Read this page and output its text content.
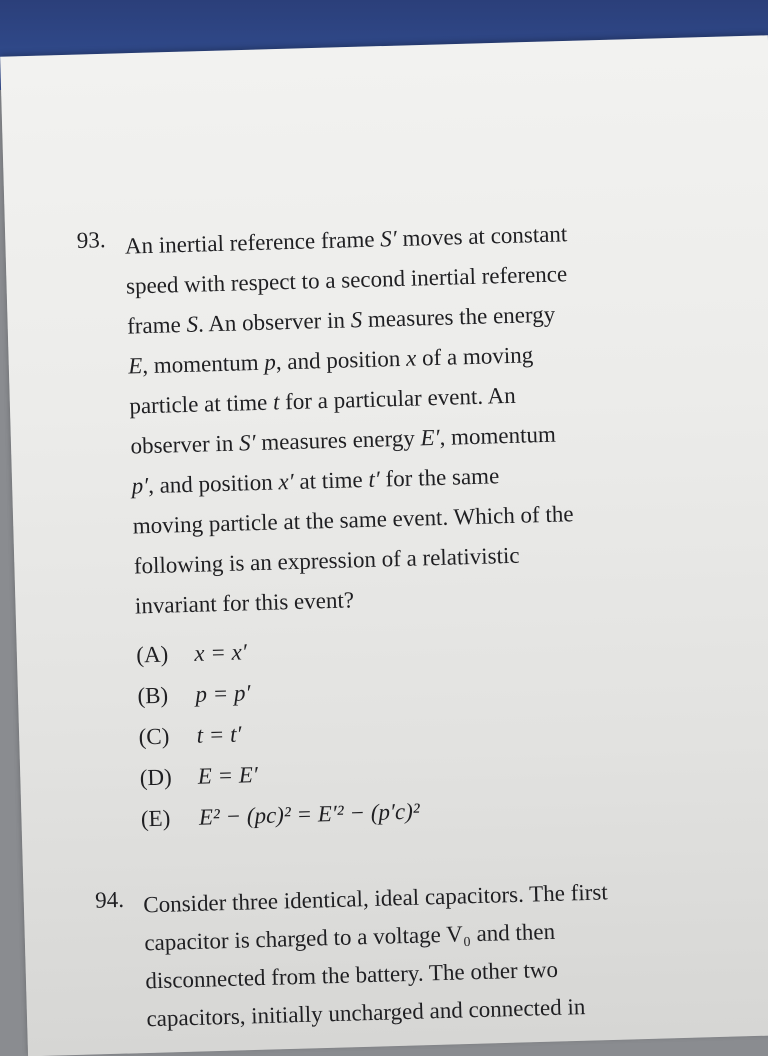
93. An inertial reference frame S′ moves at constant
speed with respect to a second inertial reference
frame S. An observer in S measures the energy
E, momentum p, and position x of a moving
particle at time t for a particular event. An
observer in S′ measures energy E′, momentum
p′, and position x′ at time t′ for the same
moving particle at the same event. Which of the
following is an expression of a relativistic
invariant for this event?
(A) x = x′
(B) p = p′
(C) t = t′
(D) E = E′
(E) E² − (pc)² = E′² − (p′c)²
94. Consider three identical, ideal capacitors. The first
capacitor is charged to a voltage V₀ and then
disconnected from the battery. The other two
capacitors, initially uncharged and connected in
